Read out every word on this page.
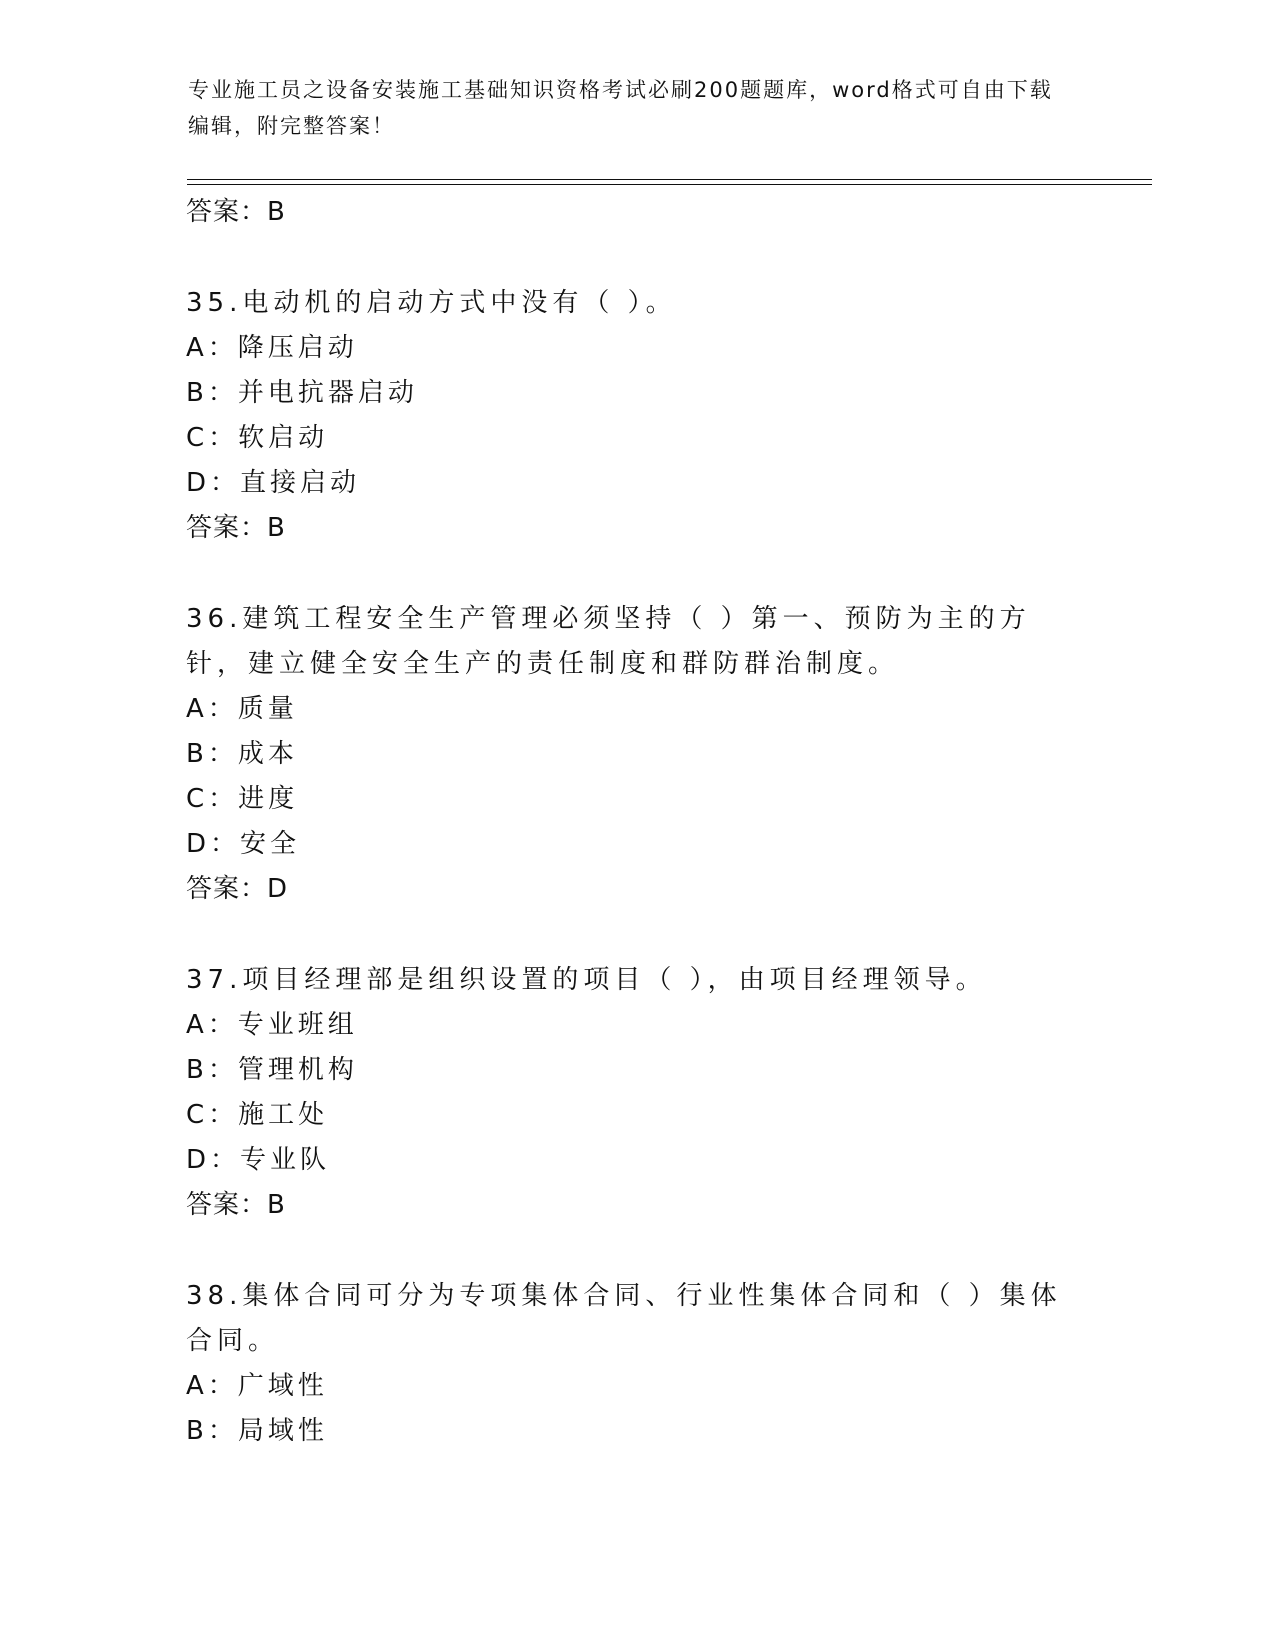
专业施工员之设备安装施工基础知识资格考试必刷200题题库，word格式可自由下载编辑，附完整答案！
答案：B
35.电动机的启动方式中没有（ ）。
A：降压启动
B：并电抗器启动
C：软启动
D：直接启动
答案：B
36.建筑工程安全生产管理必须坚持（ ）第一、预防为主的方针，建立健全安全生产的责任制度和群防群治制度。
A：质量
B：成本
C：进度
D：安全
答案：D
37.项目经理部是组织设置的项目（ ），由项目经理领导。
A：专业班组
B：管理机构
C：施工处
D：专业队
答案：B
38.集体合同可分为专项集体合同、行业性集体合同和（ ）集体合同。
A：广域性
B：局域性
